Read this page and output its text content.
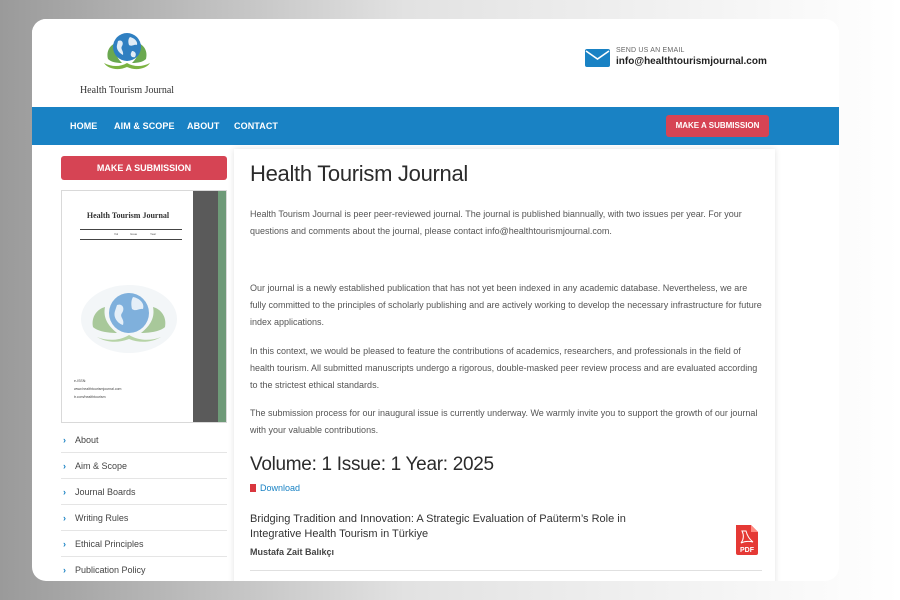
Health Tourism Journal
SEND US AN EMAIL
info@healthtourismjournal.com
HOME AIM & SCOPE ABOUT CONTACT	MAKE A SUBMISSION
MAKE A SUBMISSION
Health Tourism Journal
Vol	Issue	Year
e-ISSN:
www.healthtourismjournal.com
tr.com/healthtourism
› About
› Aim & Scope
› Journal Boards
› Writing Rules
› Ethical Principles
› Publication Policy
Health Tourism Journal
Health Tourism Journal is peer peer-reviewed journal. The journal is published biannually, with two issues per year. For your questions and comments about the journal, please contact info@healthtourismjournal.com.
Our journal is a newly established publication that has not yet been indexed in any academic database. Nevertheless, we are fully committed to the principles of scholarly publishing and are actively working to develop the necessary infrastructure for future index applications.
In this context, we would be pleased to feature the contributions of academics, researchers, and professionals in the field of health tourism. All submitted manuscripts undergo a rigorous, double-masked peer review process and are evaluated according to the strictest ethical standards.
The submission process for our inaugural issue is currently underway. We warmly invite you to support the growth of our journal with your valuable contributions.
Volume: 1 Issue: 1 Year: 2025
Download
Bridging Tradition and Innovation: A Strategic Evaluation of Paüterm’s Role in Integrative Health Tourism in Türkiye
Mustafa Zait Balıkçı	PDF
